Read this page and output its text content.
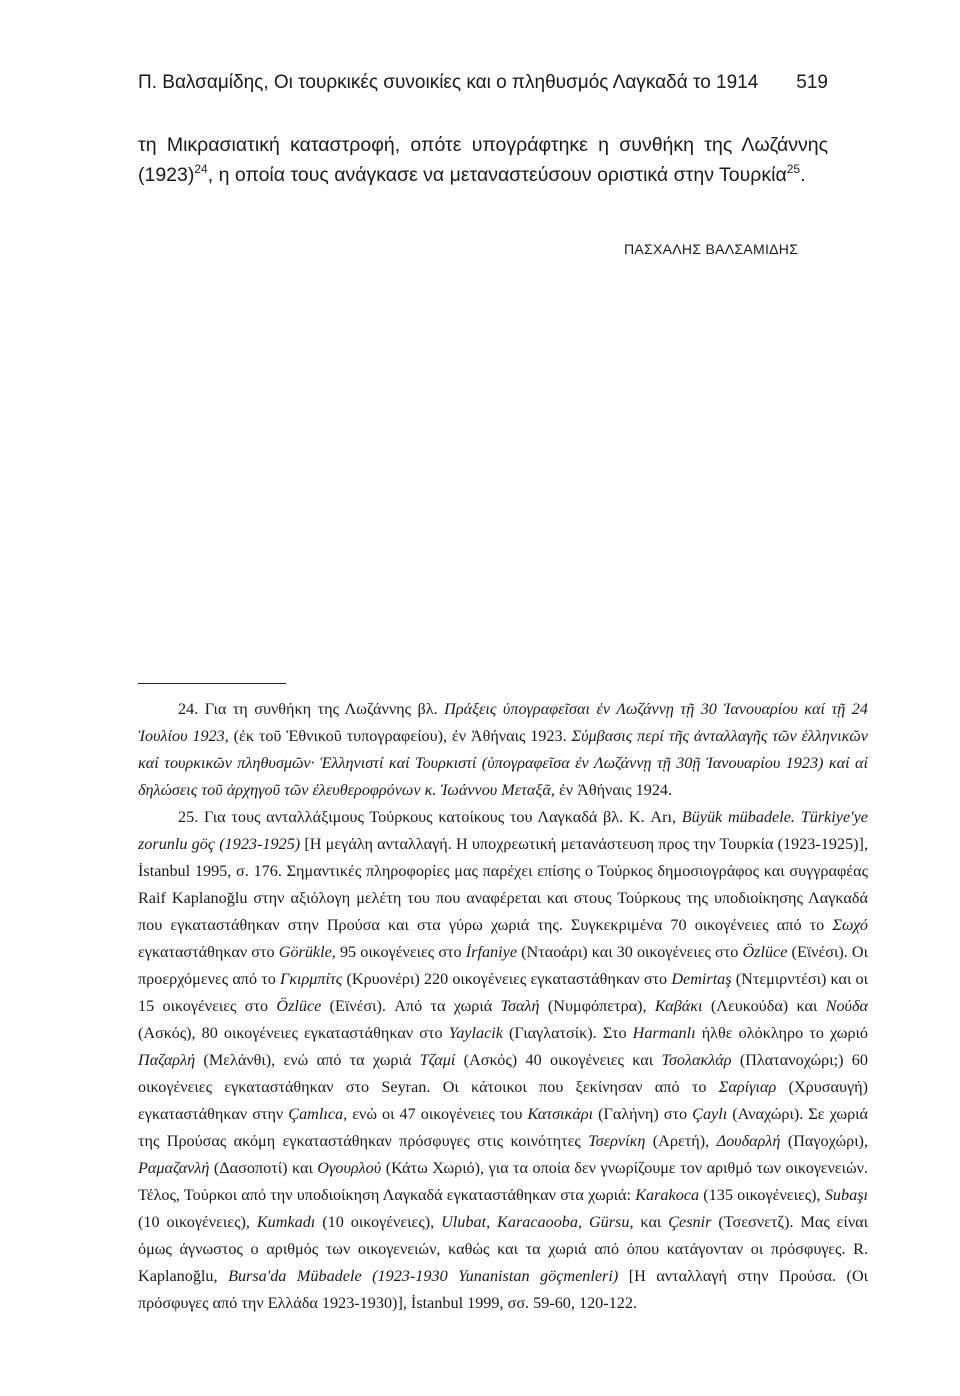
Π. Βαλσαμίδης, Οι τουρκικές συνοικίες και ο πληθυσμός Λαγκαδά το 1914 519

τη Μικρασιατική καταστροφή, οπότε υπογράφτηκε η συνθήκη της Λωζάννης $(1923)^{24}$, η οποία τους ανάγκασε να μεταναστεύσουν οριστικά στην Τουρκία$^{25}$.

ΠΑΣΧΑΛΗΣ ΒΑΛΣΑΜΙΔΗΣ

24. Για τη συνθήκη της Λωζάννης βλ. Πράξεις ὑπογραφεῖσαι ἐν Λωζάννῃ τῇ 30 Ἰανουαρίου καί τῇ 24 Ἰουλίου 1923, (ἐκ τοῦ Ἐθνικοῦ τυπογραφείου), ἐν Ἀθήναις 1923. Σύμβασις περί τῆς ἀνταλλαγῆς τῶν ἑλληνικῶν καί τουρκικῶν πληθυσμῶν· Ἑλληνιστί καί Τουρκιστί (ὑπογραφεῖσα ἐν Λωζάννῃ τῇ 30ῇ Ἰανουαρίου 1923) καί αἱ δηλώσεις τοῦ ἀρχηγοῦ τῶν ἐλευθεροφρόνων κ. Ἰωάννου Μεταξᾶ, ἐν Ἀθήναις 1924.

25. Για τους ανταλλάξιμους Τούρκους κατοίκους του Λαγκαδά βλ. Κ. Arı, Büyük mübadele. Türkiye'ye zorunlu göç (1923-1925) [Η μεγάλη ανταλλαγή. Η υποχρεωτική μετανάστευση προς την Τουρκία (1923-1925)], İstanbul 1995, σ. 176. Σημαντικές πληροφορίες μας παρέχει επίσης ο Τούρκος δημοσιογράφος και συγγραφέας Raif Kaplanoğlu στην αξιόλογη μελέτη του που αναφέρεται και στους Τούρκους της υποδιοίκησης Λαγκαδά που εγκαταστάθηκαν στην Προύσα και στα γύρω χωριά της. Συγκεκριμένα 70 οικογένειες από το Σωχό εγκαταστάθηκαν στο Görükle, 95 οικογένειες στο İrfaniye (Νταοάρι) και 30 οικογένειες στο Özlüce (Εϊνέσι). Οι προερχόμενες από το Γκιρμπίτς (Κρυονέρι) 220 οικογένειες εγκαταστάθηκαν στο Demirtaş (Ντεμιρντέσι) και οι 15 οικογένειες στο Özlüce (Εϊνέσι). Από τα χωριά Τσαλή (Νυμφόπετρα), Καβάκι (Λευκούδα) και Νούδα (Ασκός), 80 οικογένειες εγκαταστάθηκαν στο Yaylacik (Γιαγλατσίκ). Στο Harmanlı ήλθε ολόκληρο το χωριό Παζαρλή (Μελάνθι), ενώ από τα χωριά Τζαμί (Ασκός) 40 οικογένειες και Τσολακλάρ (Πλατανοχώρι;) 60 οικογένειες εγκαταστάθηκαν στο Seyran. Οι κάτοικοι που ξεκίνησαν από το Σαρίγιαρ (Χρυσαυγή) εγκαταστάθηκαν στην Çamlıca, ενώ οι 47 οικογένειες του Κατσικάρι (Γαλήνη) στο Çaylı (Αναχώρι). Σε χωριά της Προύσας ακόμη εγκαταστάθηκαν πρόσφυγες στις κοινότητες Τσερνίκη (Αρετή), Δουδαρλή (Παγοχώρι), Ραμαζανλή (Δασοποτί) και Ογουρλού (Κάτω Χωριό), για τα οποία δεν γνωρίζουμε τον αριθμό των οικογενειών. Τέλος, Τούρκοι από την υποδιοίκηση Λαγκαδά εγκαταστάθηκαν στα χωριά: Karakoca (135 οικογένειες), Subaşı (10 οικογένειες), Kumkadı (10 οικογένειες), Ulubat, Karacaooba, Gürsu, και Çesnir (Τσεσνετζ). Μας είναι όμως άγνωστος ο αριθμός των οικογενειών, καθώς και τα χωριά από όπου κατάγονταν οι πρόσφυγες. R. Kaplanoğlu, Bursa'da Mübadele (1923-1930 Yunanistan göçmenleri) [Η ανταλλαγή στην Προύσα. (Οι πρόσφυγες από την Ελλάδα 1923-1930)], İstanbul 1999, σσ. 59-60, 120-122.
